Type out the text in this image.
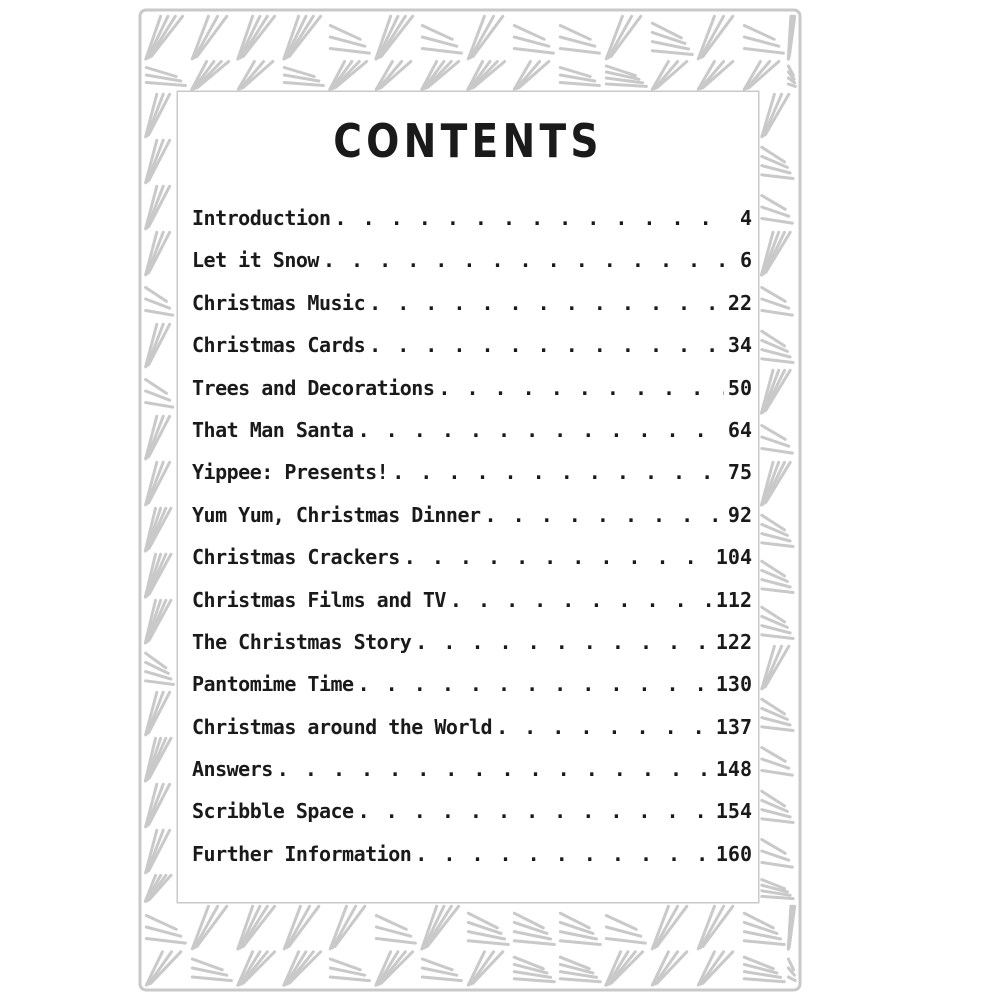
CONTENTS
Introduction . . .	4
Let it Snow . . .	6
Christmas Music . . .	22
Christmas Cards . . .	34
Trees and Decorations . . .	50
That Man Santa . . .	64
Yippee: Presents! . . .	75
Yum Yum, Christmas Dinner . . .	92
Christmas Crackers . . .	104
Christmas Films and TV . . .	112
The Christmas Story . . .	122
Pantomime Time . . .	130
Christmas around the World . . .	137
Answers . . .	148
Scribble Space . . .	154
Further Information . . .	160
